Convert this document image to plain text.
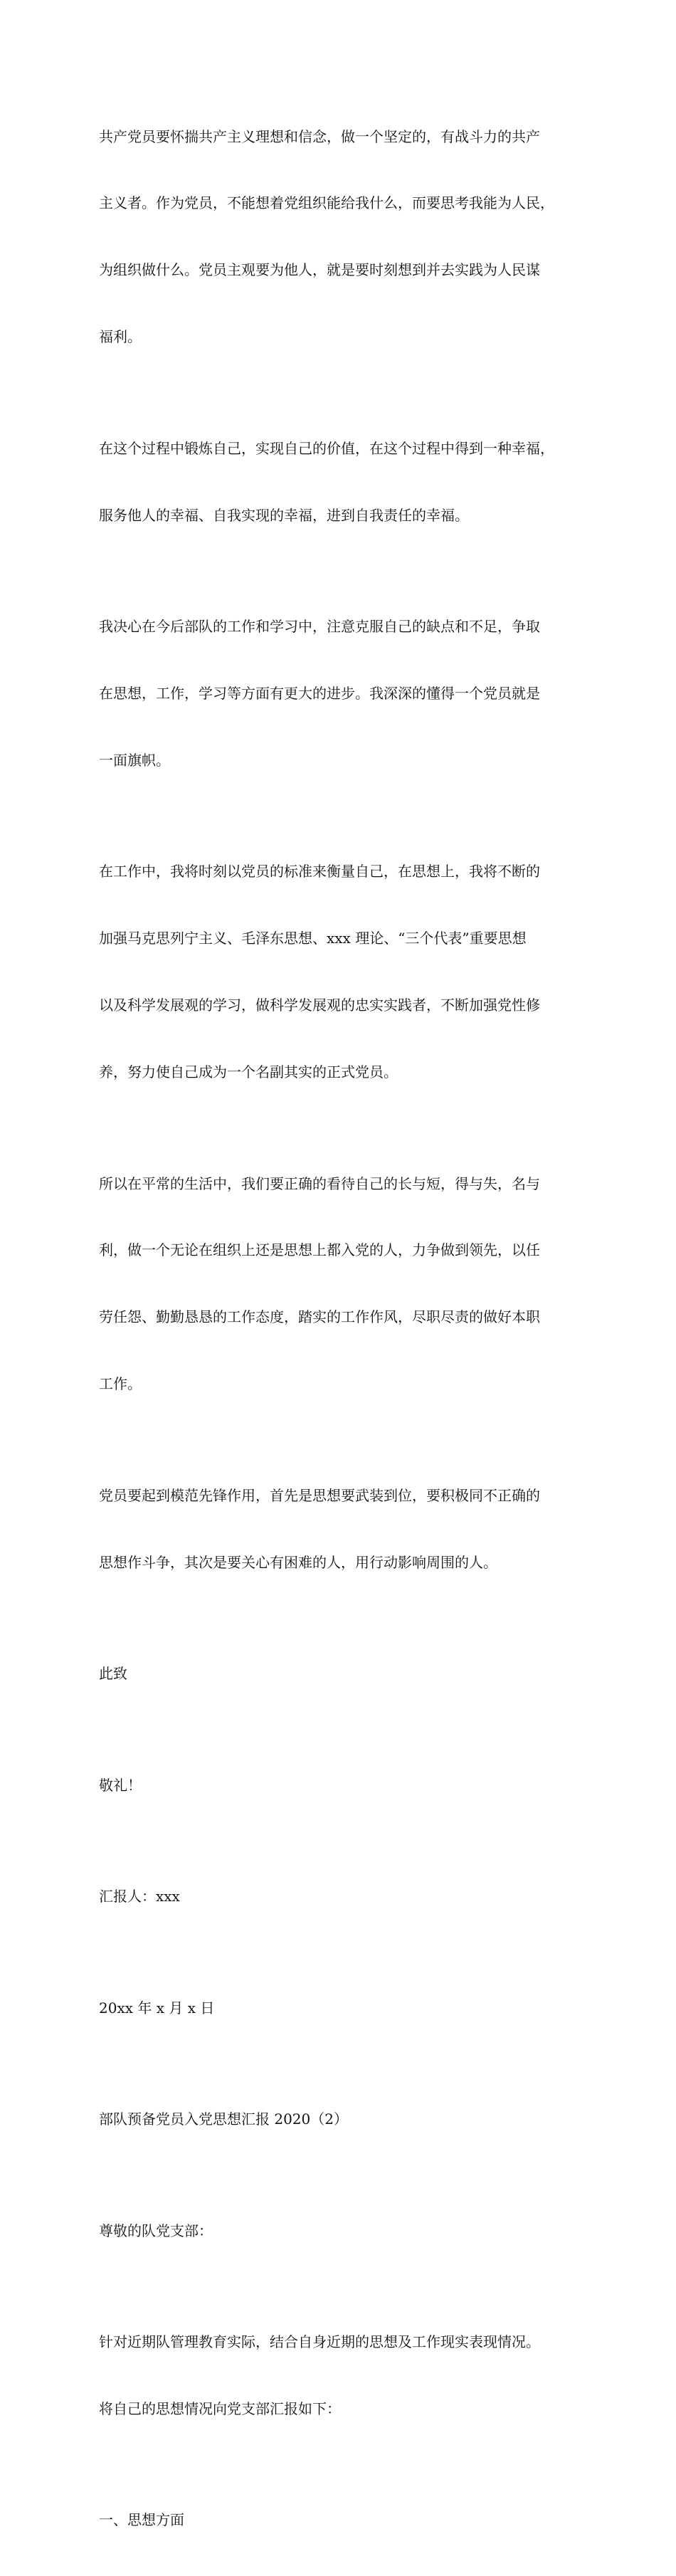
共产党员要怀揣共产主义理想和信念，做一个坚定的，有战斗力的共产

主义者。作为党员，不能想着党组织能给我什么，而要思考我能为人民，

为组织做什么。党员主观要为他人，就是要时刻想到并去实践为人民谋

福利。

在这个过程中锻炼自己，实现自己的价值，在这个过程中得到一种幸福，

服务他人的幸福、自我实现的幸福，进到自我责任的幸福。

我决心在今后部队的工作和学习中，注意克服自己的缺点和不足，争取

在思想，工作，学习等方面有更大的进步。我深深的懂得一个党员就是

一面旗帜。

在工作中，我将时刻以党员的标准来衡量自己，在思想上，我将不断的

加强马克思列宁主义、毛泽东思想、xxx 理论、“三个代表”重要思想

以及科学发展观的学习，做科学发展观的忠实实践者，不断加强党性修

养，努力使自己成为一个名副其实的正式党员。

所以在平常的生活中，我们要正确的看待自己的长与短，得与失，名与

利，做一个无论在组织上还是思想上都入党的人，力争做到领先，以任

劳任怨、勤勤恳恳的工作态度，踏实的工作作风，尽职尽责的做好本职

工作。

党员要起到模范先锋作用，首先是思想要武装到位，要积极同不正确的

思想作斗争，其次是要关心有困难的人，用行动影响周围的人。

此致

敬礼！

汇报人：xxx

20xx 年 x 月 x 日

部队预备党员入党思想汇报 2020（2）

尊敬的队党支部：

针对近期队管理教育实际，结合自身近期的思想及工作现实表现情况。

将自己的思想情况向党支部汇报如下：

一、思想方面
